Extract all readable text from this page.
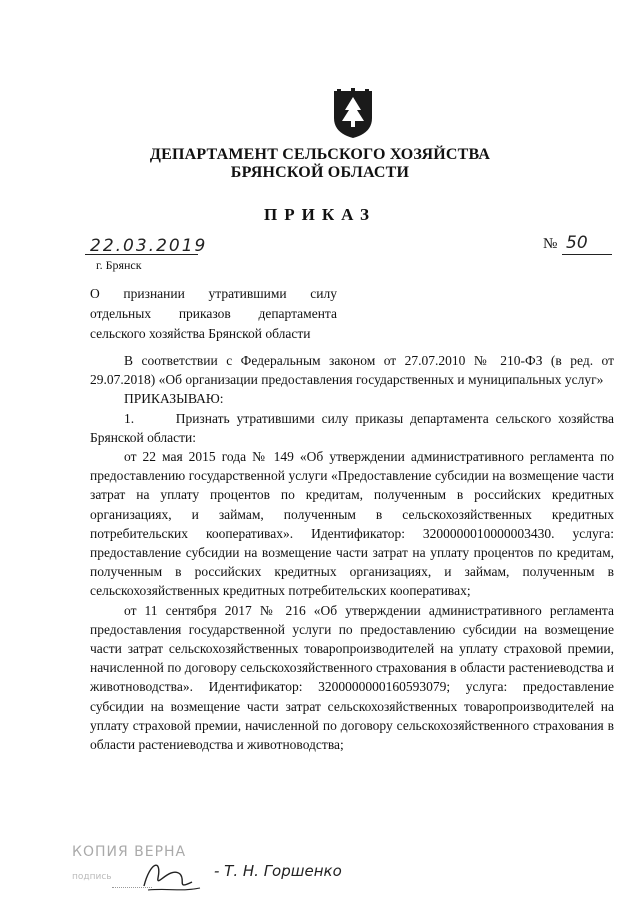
ДЕПАРТАМЕНТ СЕЛЬСКОГО ХОЗЯЙСТВА
БРЯНСКОЙ ОБЛАСТИ
ПРИКАЗ
22.03.2019
г. Брянск
№ 50
О признании утратившими силу отдельных приказов департамента сельского хозяйства Брянской области

В соответствии с Федеральным законом от 27.07.2010 № 210-ФЗ (в ред. от 29.07.2018) «Об организации предоставления государственных и муниципальных услуг»

ПРИКАЗЫВАЮ:

1.      Признать утратившими силу приказы департамента сельского хозяйства Брянской области:

от 22 мая 2015 года № 149 «Об утверждении административного регламента по предоставлению государственной услуги «Предоставление субсидии на возмещение части затрат на уплату процентов по кредитам, полученным в российских кредитных организациях, и займам, полученным в сельскохозяйственных кредитных потребительских кооперативах». Идентификатор: 3200000010000003430. услуга: предоставление субсидии на возмещение части затрат на уплату процентов по кредитам, полученным в российских кредитных организациях, и займам, полученным в сельскохозяйственных кредитных потребительских кооперативах;

от 11 сентября 2017 № 216 «Об утверждении административного регламента предоставления государственной услуги по предоставлению субсидии на возмещение части затрат сельскохозяйственных товаропроизводителей на уплату страховой премии, начисленной по договору сельскохозяйственного страхования в области растениеводства и животноводства». Идентификатор: 3200000000160593079; услуга: предоставление субсидии на возмещение части затрат сельскохозяйственных товаропроизводителей на уплату страховой премии, начисленной по договору сельскохозяйственного страхования в области растениеводства и животноводства;

КОПИЯ ВЕРНА
подпись	- Т. Н. Горшенко
